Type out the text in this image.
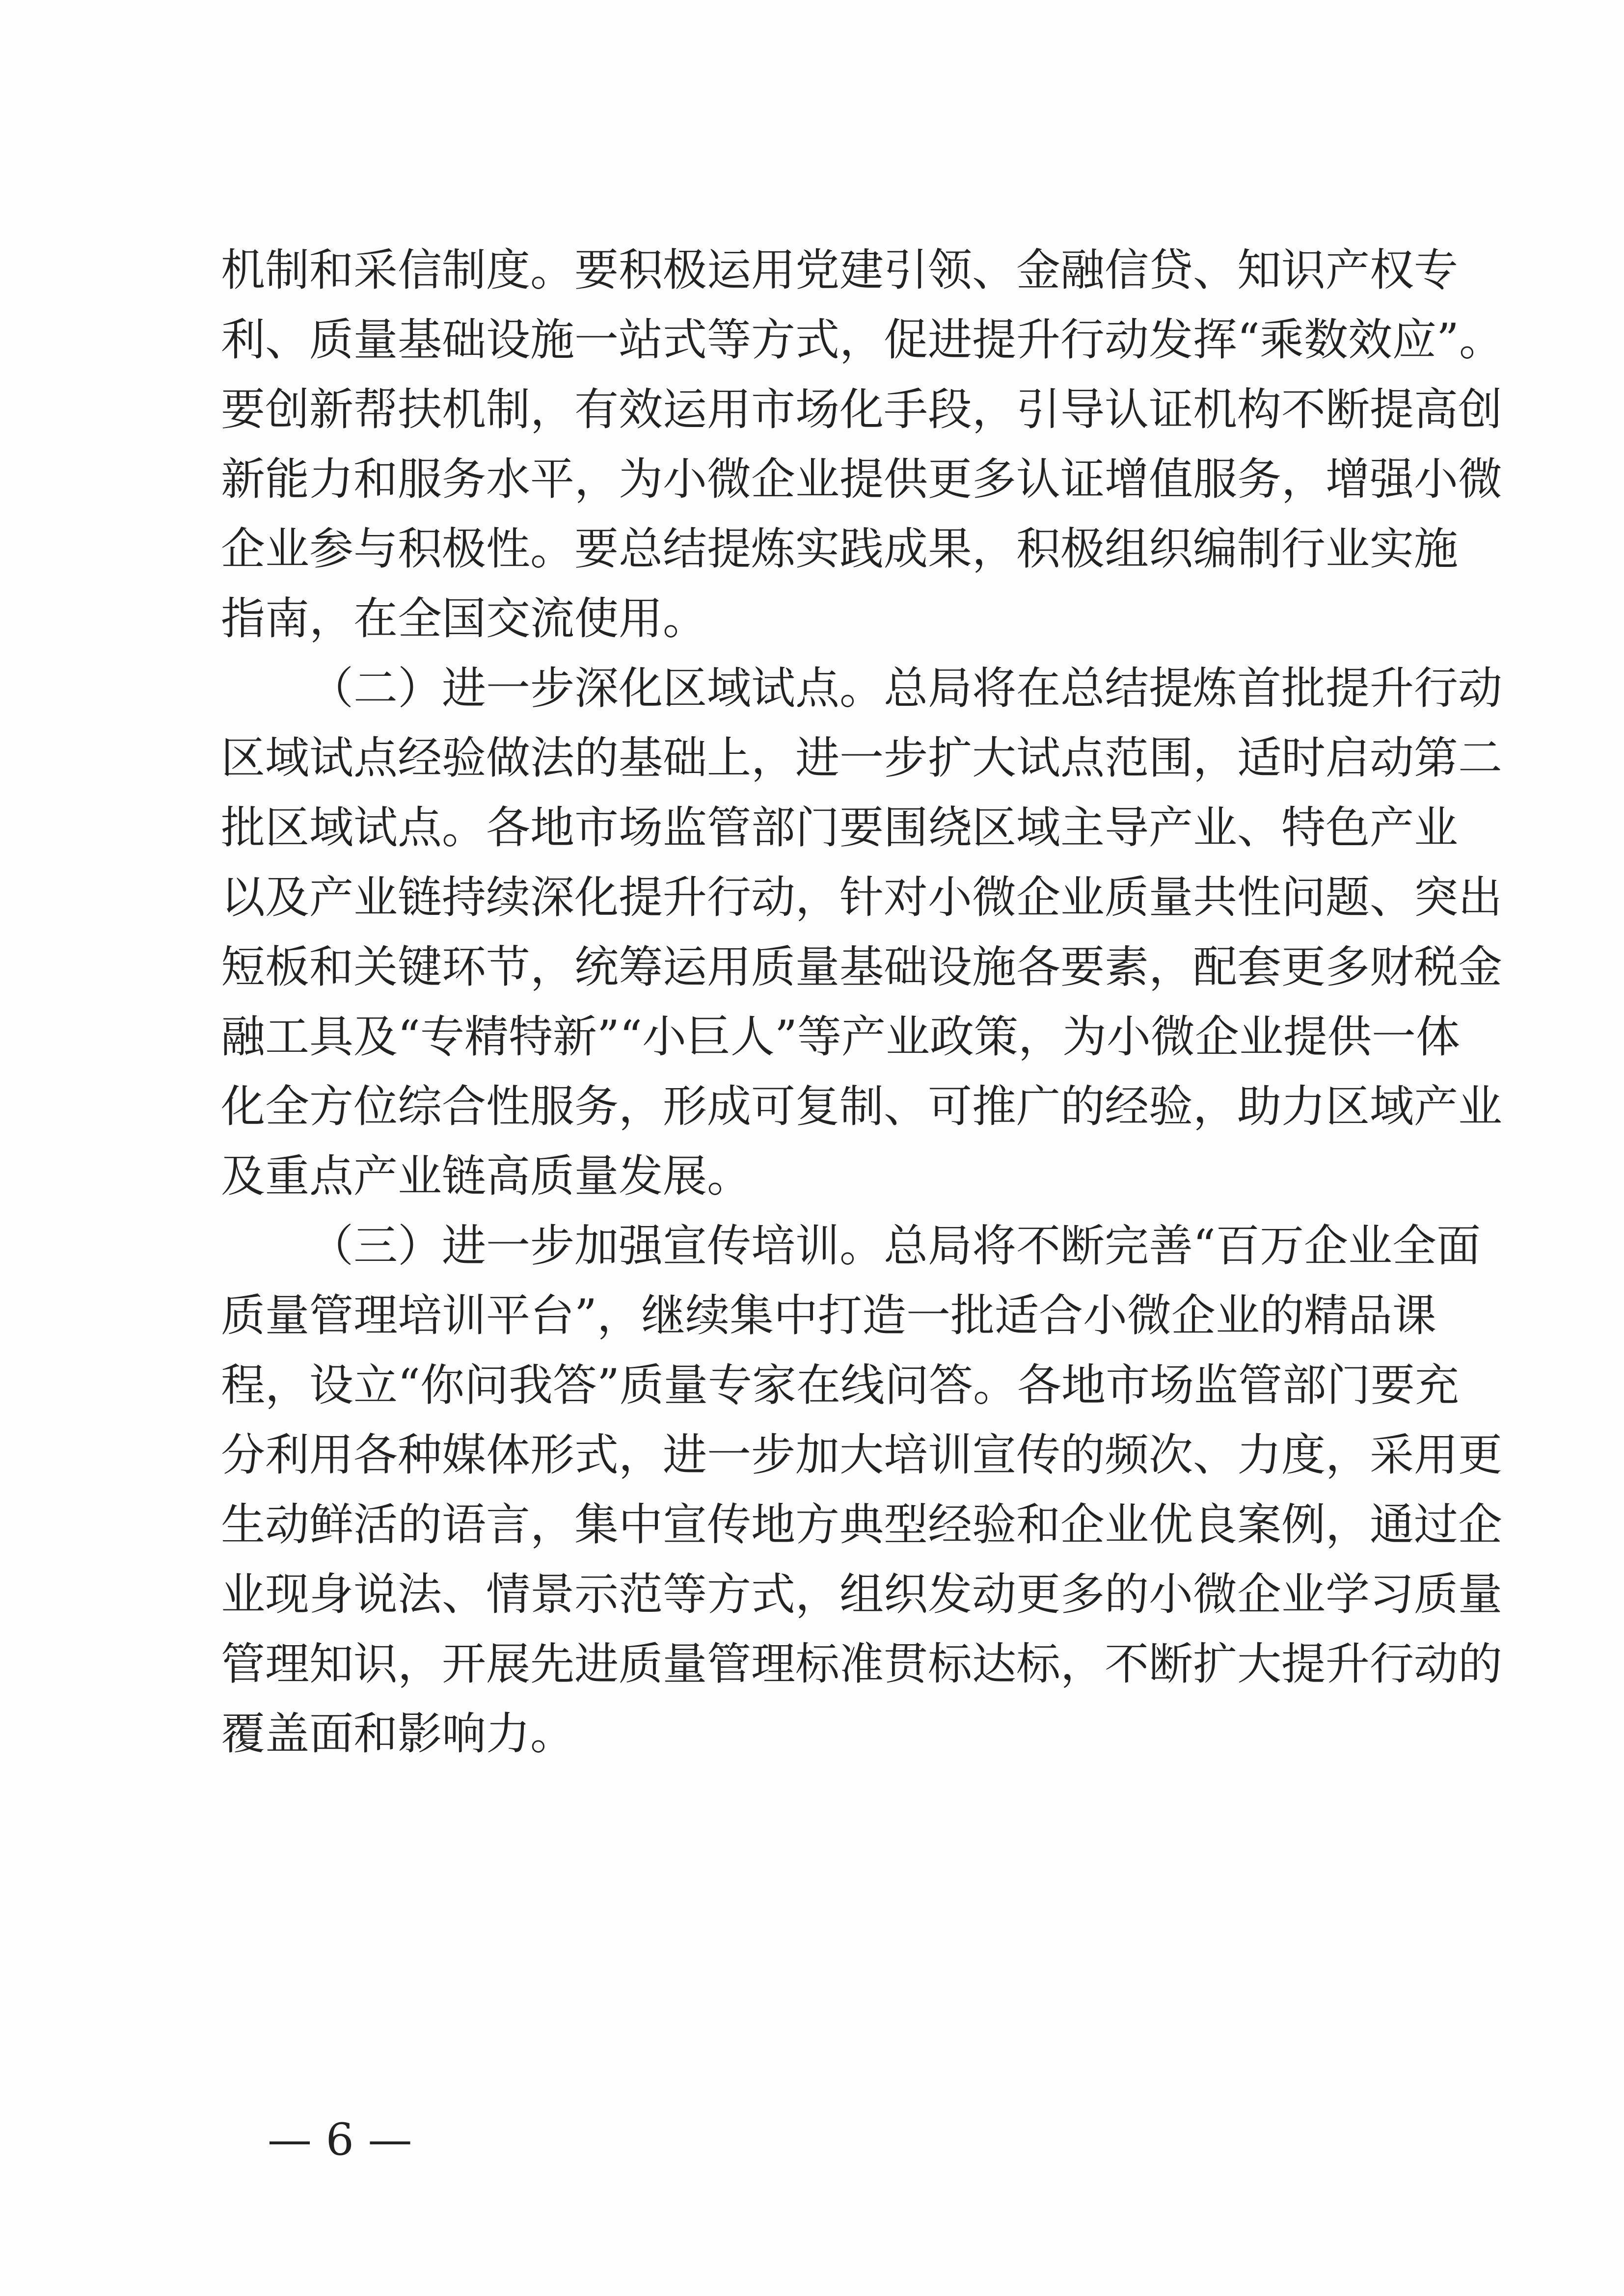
机制和采信制度。要积极运用党建引领、金融信贷、知识产权专
利、质量基础设施一站式等方式，促进提升行动发挥“乘数效应”。
要创新帮扶机制，有效运用市场化手段，引导认证机构不断提高创
新能力和服务水平，为小微企业提供更多认证增值服务，增强小微
企业参与积极性。要总结提炼实践成果，积极组织编制行业实施
指南，在全国交流使用。
（二）进一步深化区域试点。总局将在总结提炼首批提升行动
区域试点经验做法的基础上，进一步扩大试点范围，适时启动第二
批区域试点。各地市场监管部门要围绕区域主导产业、特色产业
以及产业链持续深化提升行动，针对小微企业质量共性问题、突出
短板和关键环节，统筹运用质量基础设施各要素，配套更多财税金
融工具及“专精特新”“小巨人”等产业政策，为小微企业提供一体
化全方位综合性服务，形成可复制、可推广的经验，助力区域产业
及重点产业链高质量发展。
（三）进一步加强宣传培训。总局将不断完善“百万企业全面
质量管理培训平台”，继续集中打造一批适合小微企业的精品课
程，设立“你问我答”质量专家在线问答。各地市场监管部门要充
分利用各种媒体形式，进一步加大培训宣传的频次、力度，采用更
生动鲜活的语言，集中宣传地方典型经验和企业优良案例，通过企
业现身说法、情景示范等方式，组织发动更多的小微企业学习质量
管理知识，开展先进质量管理标准贯标达标，不断扩大提升行动的
覆盖面和影响力。
— 6 —
